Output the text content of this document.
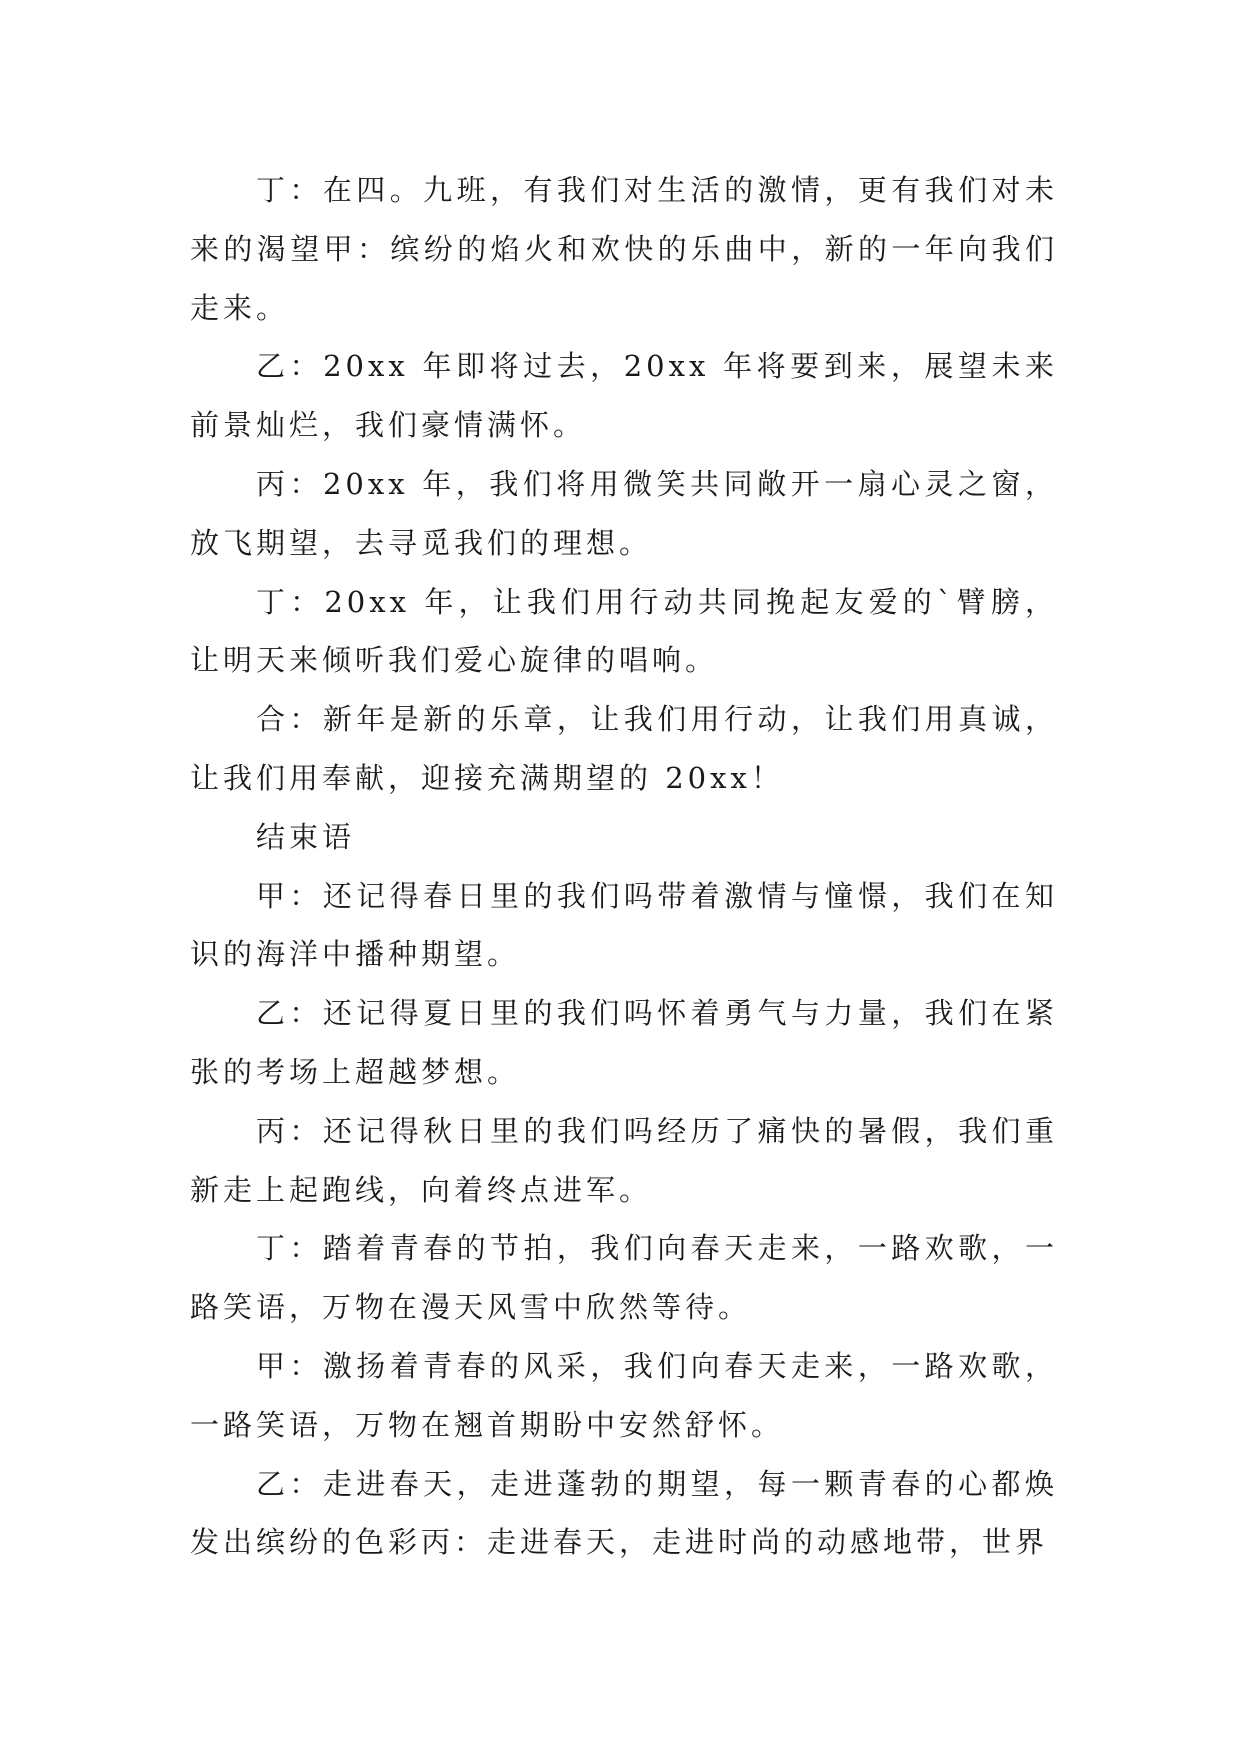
丁：在四。九班，有我们对生活的激情，更有我们对未来的渴望甲：缤纷的焰火和欢快的乐曲中，新的一年向我们走来。

乙：20xx 年即将过去，20xx 年将要到来，展望未来前景灿烂，我们豪情满怀。

丙：20xx 年，我们将用微笑共同敞开一扇心灵之窗，放飞期望，去寻觅我们的理想。

丁：20xx 年，让我们用行动共同挽起友爱的`臂膀，让明天来倾听我们爱心旋律的唱响。

合：新年是新的乐章，让我们用行动，让我们用真诚，让我们用奉献，迎接充满期望的 20xx！

结束语

甲：还记得春日里的我们吗带着激情与憧憬，我们在知识的海洋中播种期望。

乙：还记得夏日里的我们吗怀着勇气与力量，我们在紧张的考场上超越梦想。

丙：还记得秋日里的我们吗经历了痛快的暑假，我们重新走上起跑线，向着终点进军。

丁：踏着青春的节拍，我们向春天走来，一路欢歌，一路笑语，万物在漫天风雪中欣然等待。

甲：激扬着青春的风采，我们向春天走来，一路欢歌，一路笑语，万物在翘首期盼中安然舒怀。

乙：走进春天，走进蓬勃的期望，每一颗青春的心都焕发出缤纷的色彩丙：走进春天，走进时尚的动感地带，世界
